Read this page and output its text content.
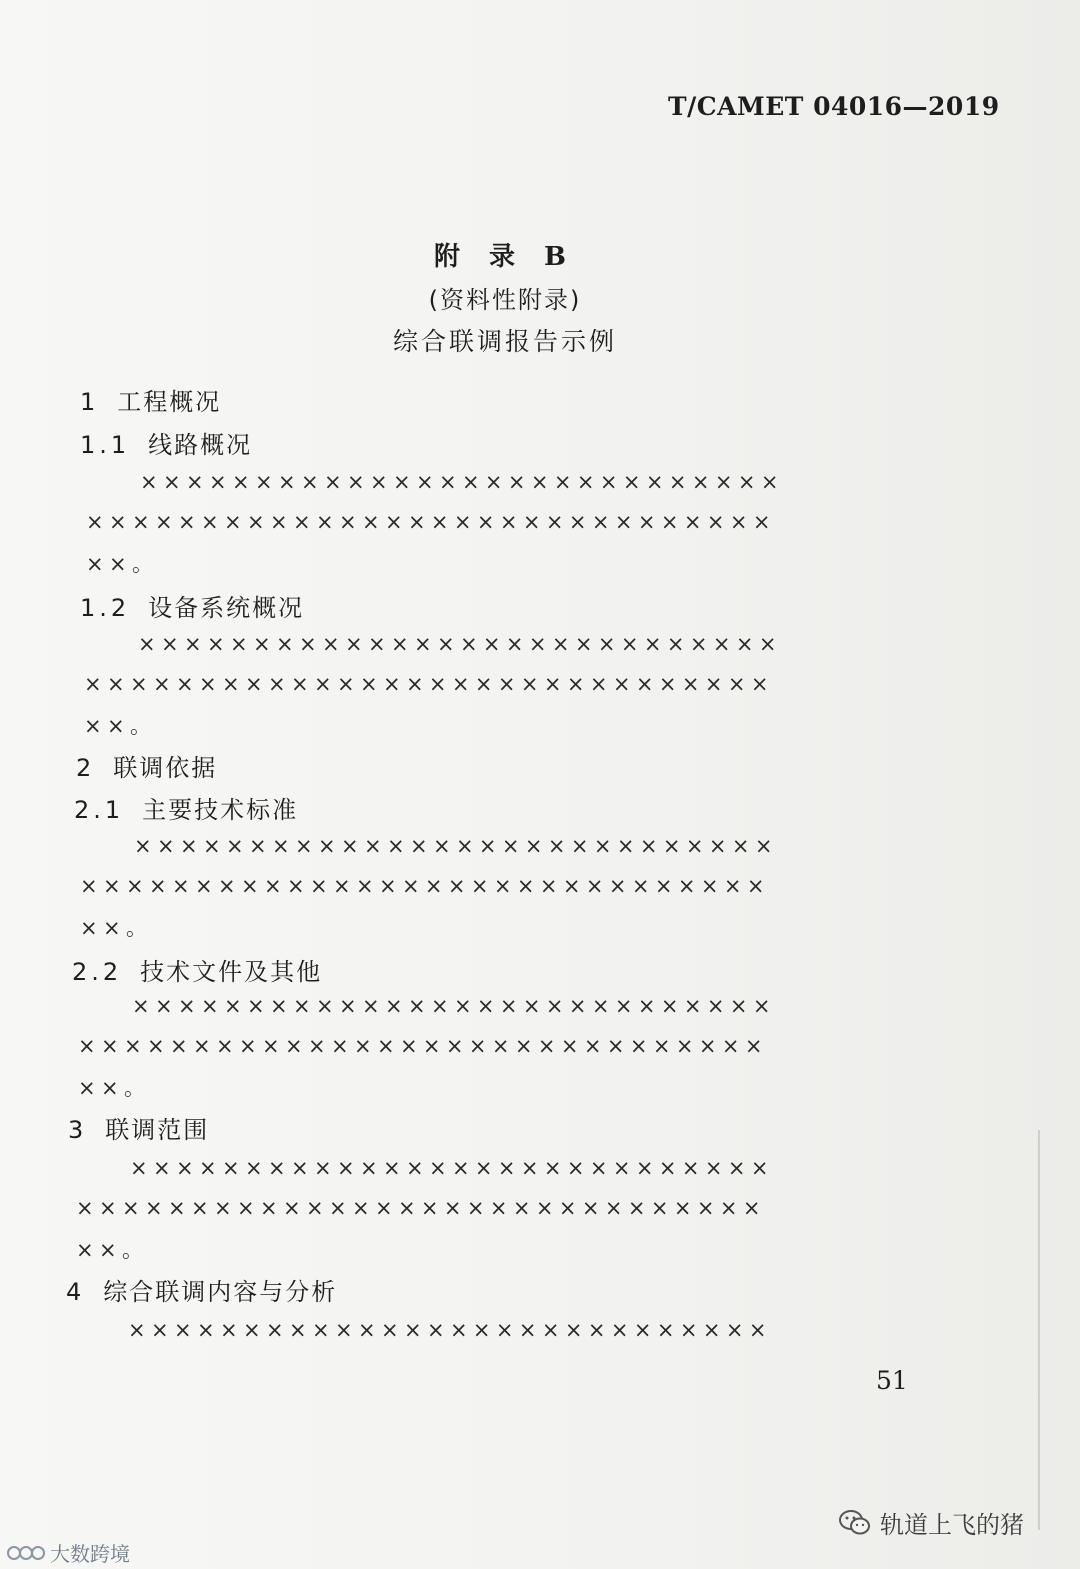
T/CAMET 04016—2019
附 录 B
(资料性附录)
综合联调报告示例
1 工程概况
1.1 线路概况
××××××××××××××××××××××××××××
××××××××××××××××××××××××××××××
××。
1.2 设备系统概况
××××××××××××××××××××××××××××
××××××××××××××××××××××××××××××
××。
2 联调依据
2.1 主要技术标准
××××××××××××××××××××××××××××
××××××××××××××××××××××××××××××
××。
2.2 技术文件及其他
××××××××××××××××××××××××××××
××××××××××××××××××××××××××××××
××。
3 联调范围
××××××××××××××××××××××××××××
××××××××××××××××××××××××××××××
××。
4 综合联调内容与分析
××××××××××××××××××××××××××××
51
轨道上飞的猪
大数跨境
